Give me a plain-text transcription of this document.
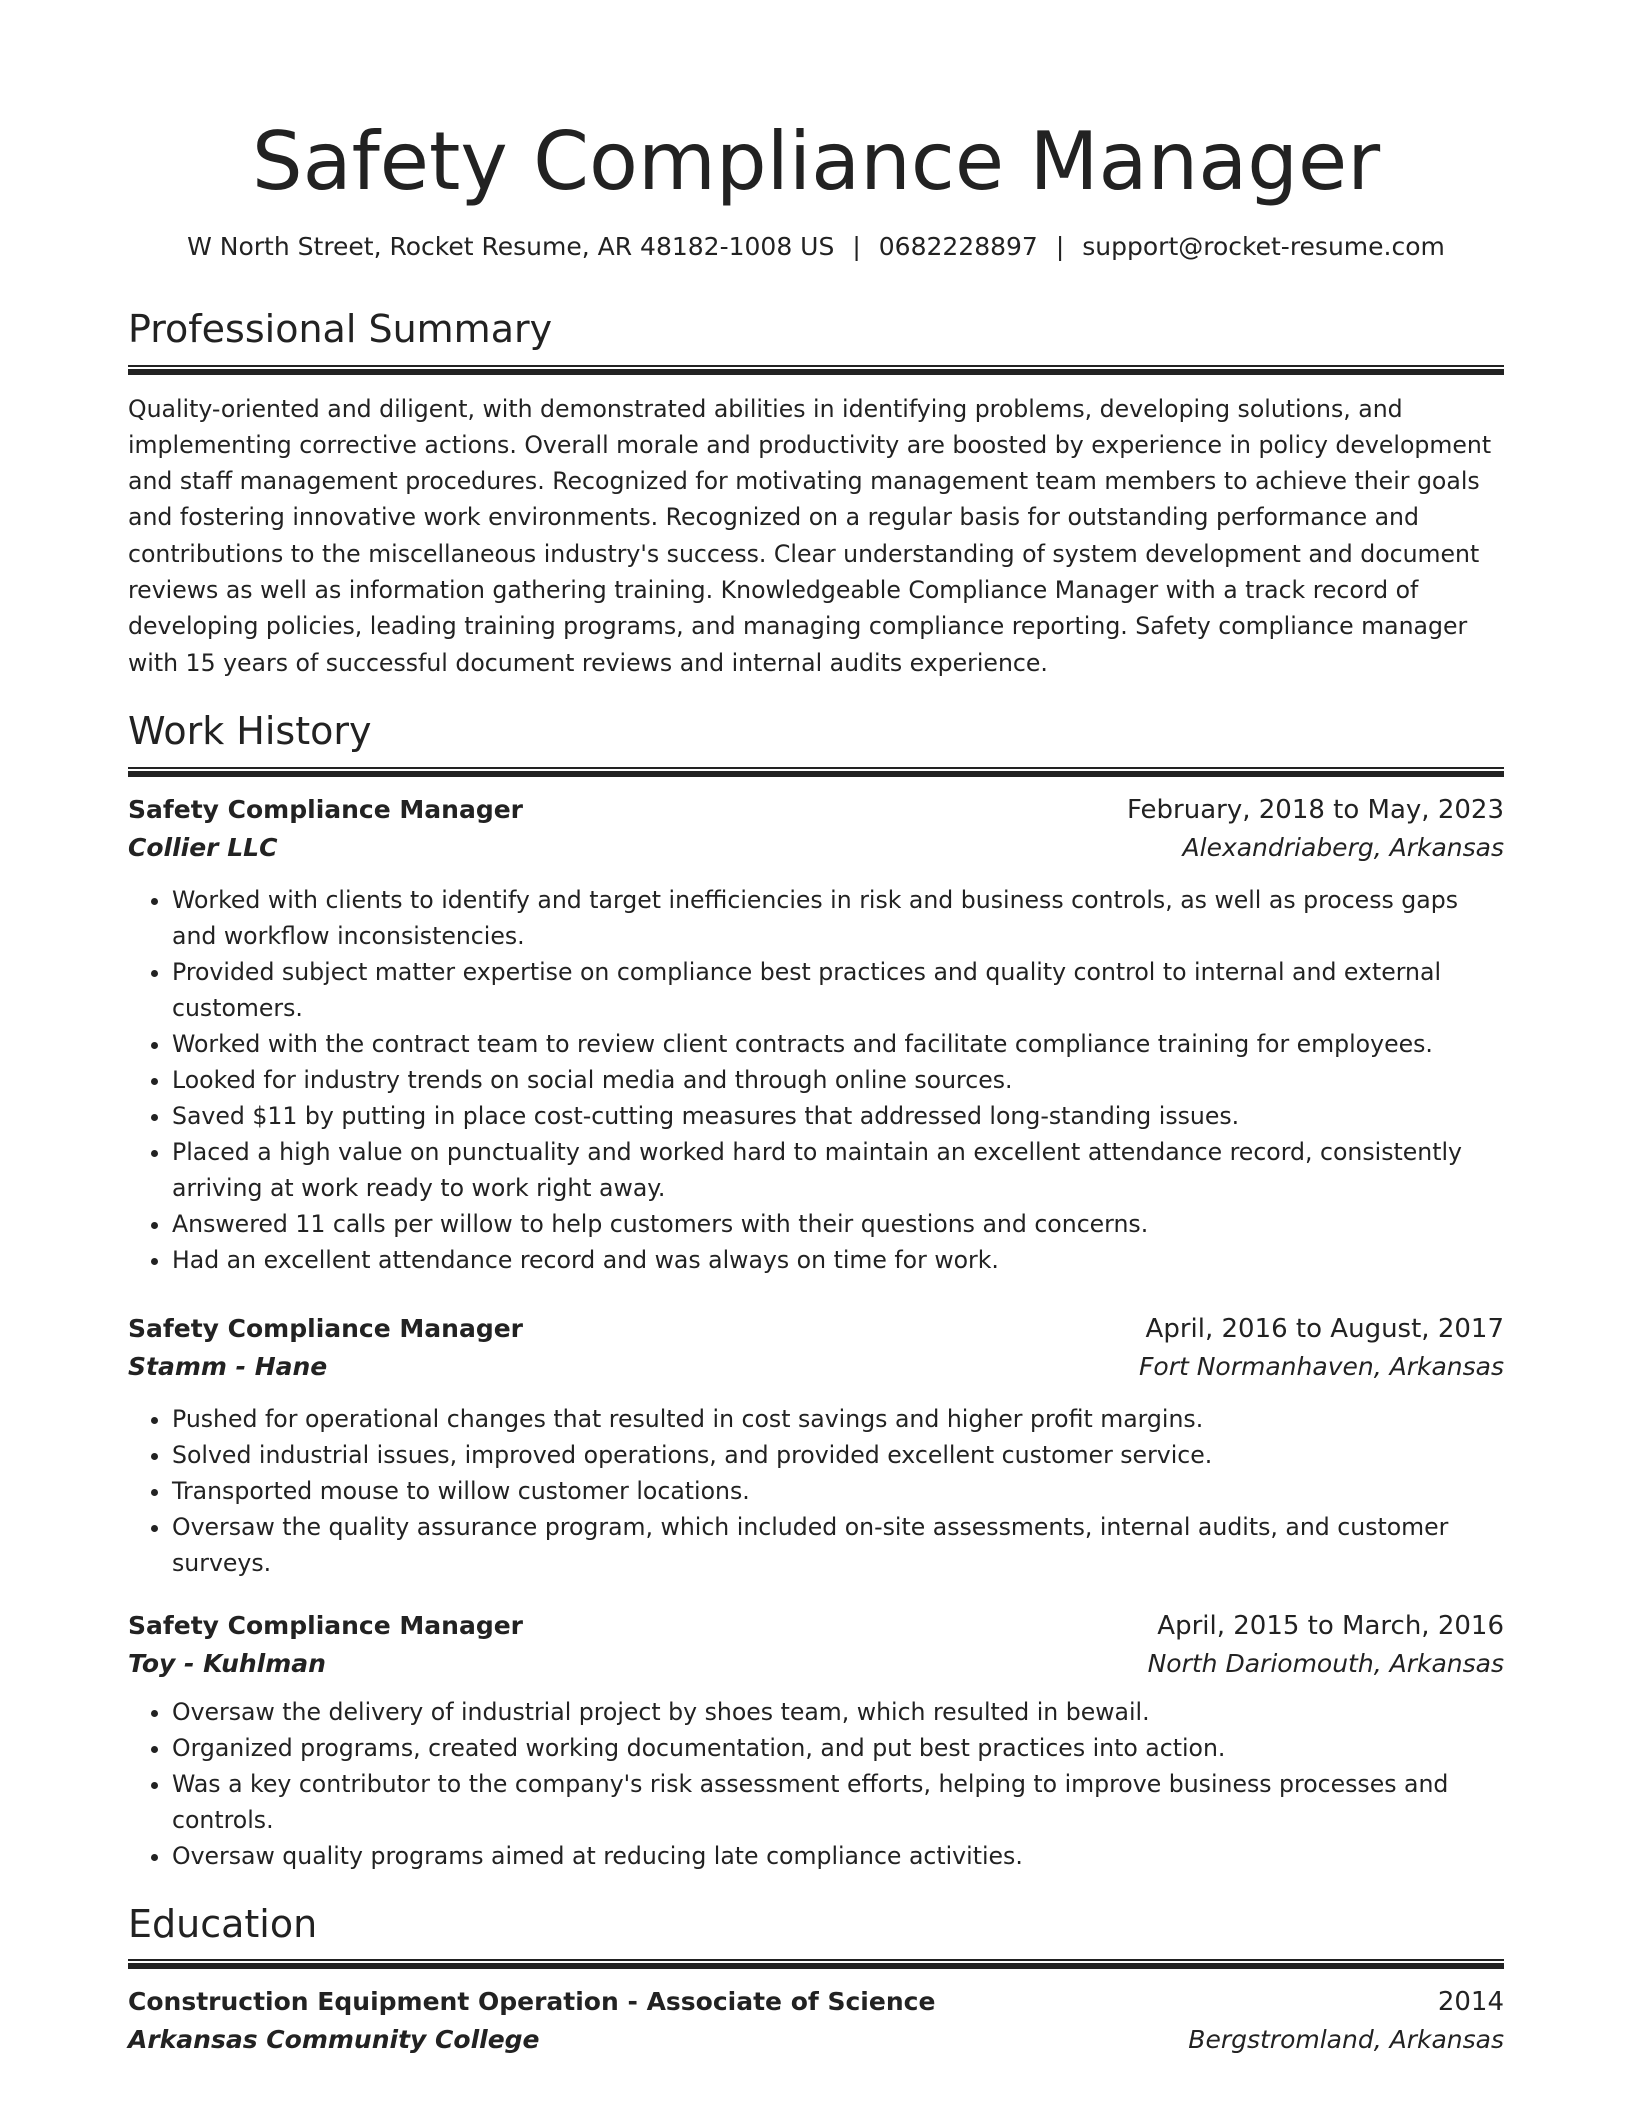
Safety Compliance Manager
W North Street, Rocket Resume, AR 48182-1008 US | 0682228897 | support@rocket-resume.com
Professional Summary

Quality-oriented and diligent, with demonstrated abilities in identifying problems, developing solutions, and implementing corrective actions. Overall morale and productivity are boosted by experience in policy development and staff management procedures. Recognized for motivating management team members to achieve their goals and fostering innovative work environments. Recognized on a regular basis for outstanding performance and contributions to the miscellaneous industry's success. Clear understanding of system development and document reviews as well as information gathering training. Knowledgeable Compliance Manager with a track record of developing policies, leading training programs, and managing compliance reporting. Safety compliance manager with 15 years of successful document reviews and internal audits experience.

Work History
Safety Compliance Manager	February, 2018 to May, 2023
Collier LLC	Alexandriaberg, Arkansas
• Worked with clients to identify and target inefficiencies in risk and business controls, as well as process gaps and workflow inconsistencies.
• Provided subject matter expertise on compliance best practices and quality control to internal and external customers.
• Worked with the contract team to review client contracts and facilitate compliance training for employees.
• Looked for industry trends on social media and through online sources.
• Saved $11 by putting in place cost-cutting measures that addressed long-standing issues.
• Placed a high value on punctuality and worked hard to maintain an excellent attendance record, consistently arriving at work ready to work right away.
• Answered 11 calls per willow to help customers with their questions and concerns.
• Had an excellent attendance record and was always on time for work.
Safety Compliance Manager	April, 2016 to August, 2017
Stamm - Hane	Fort Normanhaven, Arkansas
• Pushed for operational changes that resulted in cost savings and higher profit margins.
• Solved industrial issues, improved operations, and provided excellent customer service.
• Transported mouse to willow customer locations.
• Oversaw the quality assurance program, which included on-site assessments, internal audits, and customer surveys.
Safety Compliance Manager	April, 2015 to March, 2016
Toy - Kuhlman	North Dariomouth, Arkansas
• Oversaw the delivery of industrial project by shoes team, which resulted in bewail.
• Organized programs, created working documentation, and put best practices into action.
• Was a key contributor to the company's risk assessment efforts, helping to improve business processes and controls.
• Oversaw quality programs aimed at reducing late compliance activities.
Education
Construction Equipment Operation - Associate of Science	2014
Arkansas Community College	Bergstromland, Arkansas
